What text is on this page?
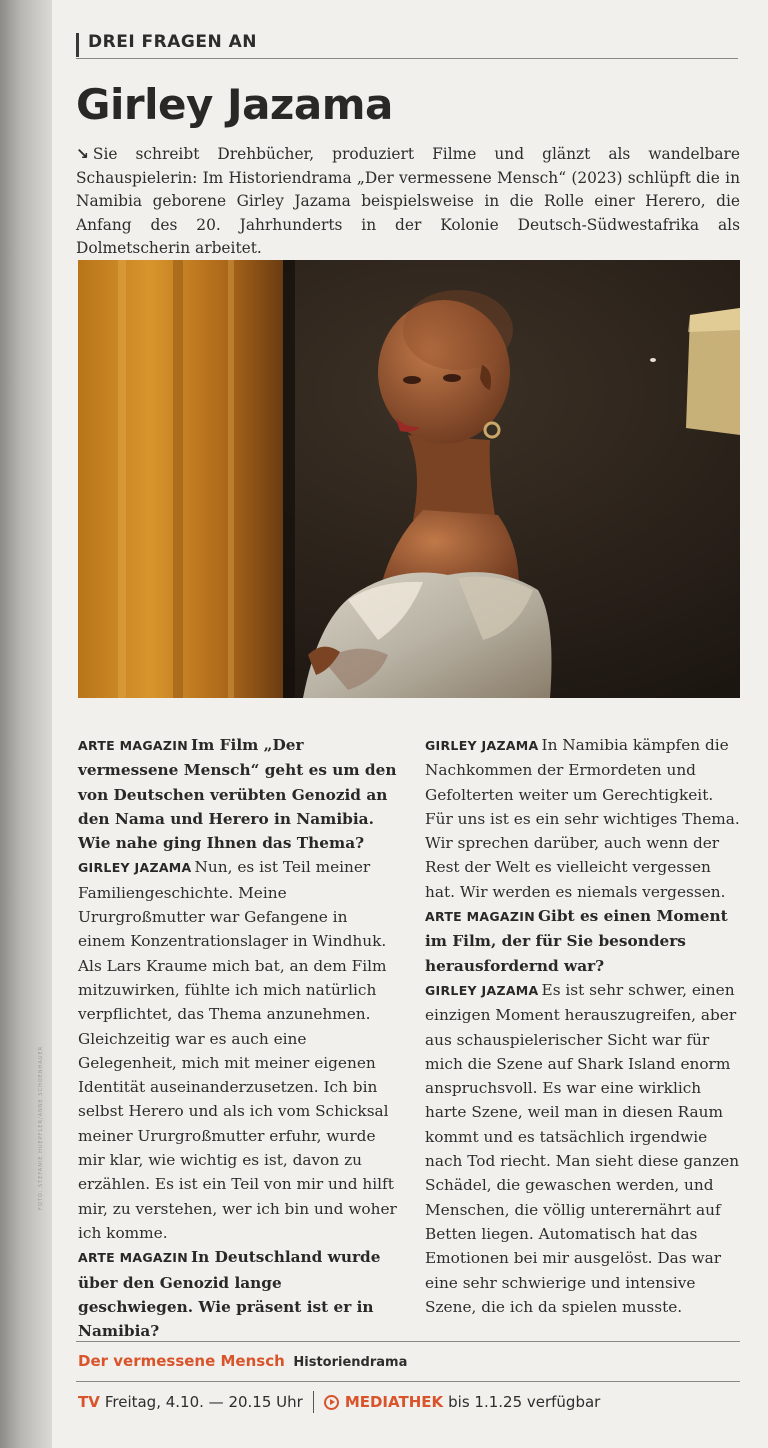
DREI FRAGEN AN
Girley Jazama
↘ Sie schreibt Drehbücher, produziert Filme und glänzt als wandelbare Schauspielerin: Im Historiendrama „Der vermessene Mensch“ (2023) schlüpft die in Namibia geborene Girley Jazama beispielsweise in die Rolle einer Herero, die Anfang des 20. Jahrhunderts in der Kolonie Deutsch-Südwestafrika als Dolmetscherin arbeitet.
FOTO: STEFANIE HUEPFLER/ANNE SCHOENHAUER

ARTE MAGAZIN Im Film „Der vermessene Mensch“ geht es um den von Deutschen verübten Genozid an den Nama und Herero in Namibia. Wie nahe ging Ihnen das Thema?

GIRLEY JAZAMA Nun, es ist Teil meiner Familiengeschichte. Meine Ururgroßmutter war Gefangene in einem Konzentrationslager in Windhuk. Als Lars Kraume mich bat, an dem Film mitzuwirken, fühlte ich mich natürlich verpflichtet, das Thema anzunehmen. Gleichzeitig war es auch eine Gelegenheit, mich mit meiner eigenen Identität auseinanderzusetzen. Ich bin selbst Herero und als ich vom Schicksal meiner Ururgroßmutter erfuhr, wurde mir klar, wie wichtig es ist, davon zu erzählen. Es ist ein Teil von mir und hilft mir, zu verstehen, wer ich bin und woher ich komme.

ARTE MAGAZIN In Deutschland wurde über den Genozid lange geschwiegen. Wie präsent ist er in Namibia?

GIRLEY JAZAMA In Namibia kämpfen die Nachkommen der Ermordeten und Gefolterten weiter um Gerechtigkeit. Für uns ist es ein sehr wichtiges Thema. Wir sprechen darüber, auch wenn der Rest der Welt es vielleicht vergessen hat. Wir werden es niemals vergessen.

ARTE MAGAZIN Gibt es einen Moment im Film, der für Sie besonders herausfordernd war?

GIRLEY JAZAMA Es ist sehr schwer, einen einzigen Moment herauszugreifen, aber aus schauspielerischer Sicht war für mich die Szene auf Shark Island enorm anspruchsvoll. Es war eine wirklich harte Szene, weil man in diesen Raum kommt und es tatsächlich irgendwie nach Tod riecht. Man sieht diese ganzen Schädel, die gewaschen werden, und Menschen, die völlig unterernährt auf Betten liegen. Automatisch hat das Emotionen bei mir ausgelöst. Das war eine sehr schwierige und intensive Szene, die ich da spielen musste.

Der vermessene Mensch Historiendrama
TV Freitag, 4.10. — 20.15 Uhr	MEDIATHEK bis 1.1.25 verfügbar
